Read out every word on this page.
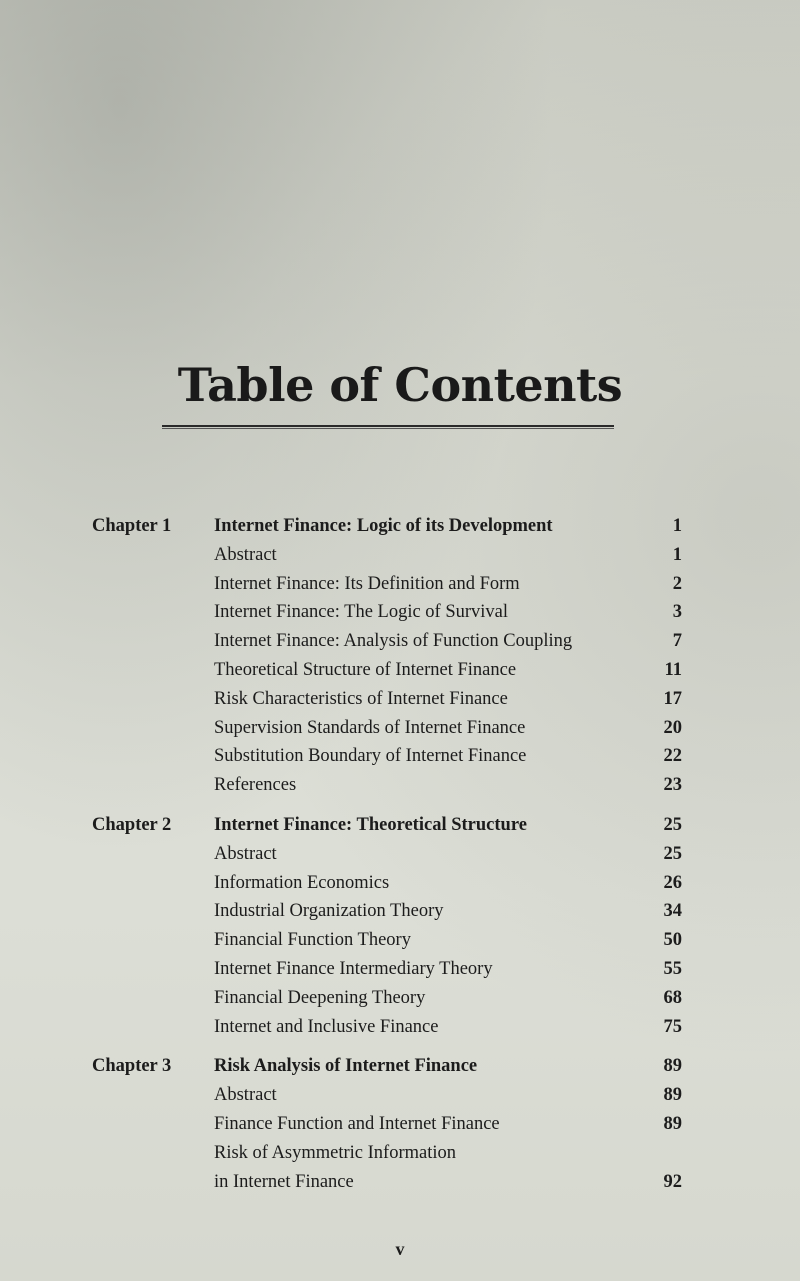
Table of Contents
Chapter 1 Internet Finance: Logic of its Development	1
Abstract	1
Internet Finance: Its Definition and Form	2
Internet Finance: The Logic of Survival	3
Internet Finance: Analysis of Function Coupling	7
Theoretical Structure of Internet Finance	11
Risk Characteristics of Internet Finance	17
Supervision Standards of Internet Finance	20
Substitution Boundary of Internet Finance	22
References	23
Chapter 2 Internet Finance: Theoretical Structure	25
Abstract	25
Information Economics	26
Industrial Organization Theory	34
Financial Function Theory	50
Internet Finance Intermediary Theory	55
Financial Deepening Theory	68
Internet and Inclusive Finance	75
Chapter 3 Risk Analysis of Internet Finance	89
Abstract	89
Finance Function and Internet Finance	89
Risk of Asymmetric Information
in Internet Finance	92
v
